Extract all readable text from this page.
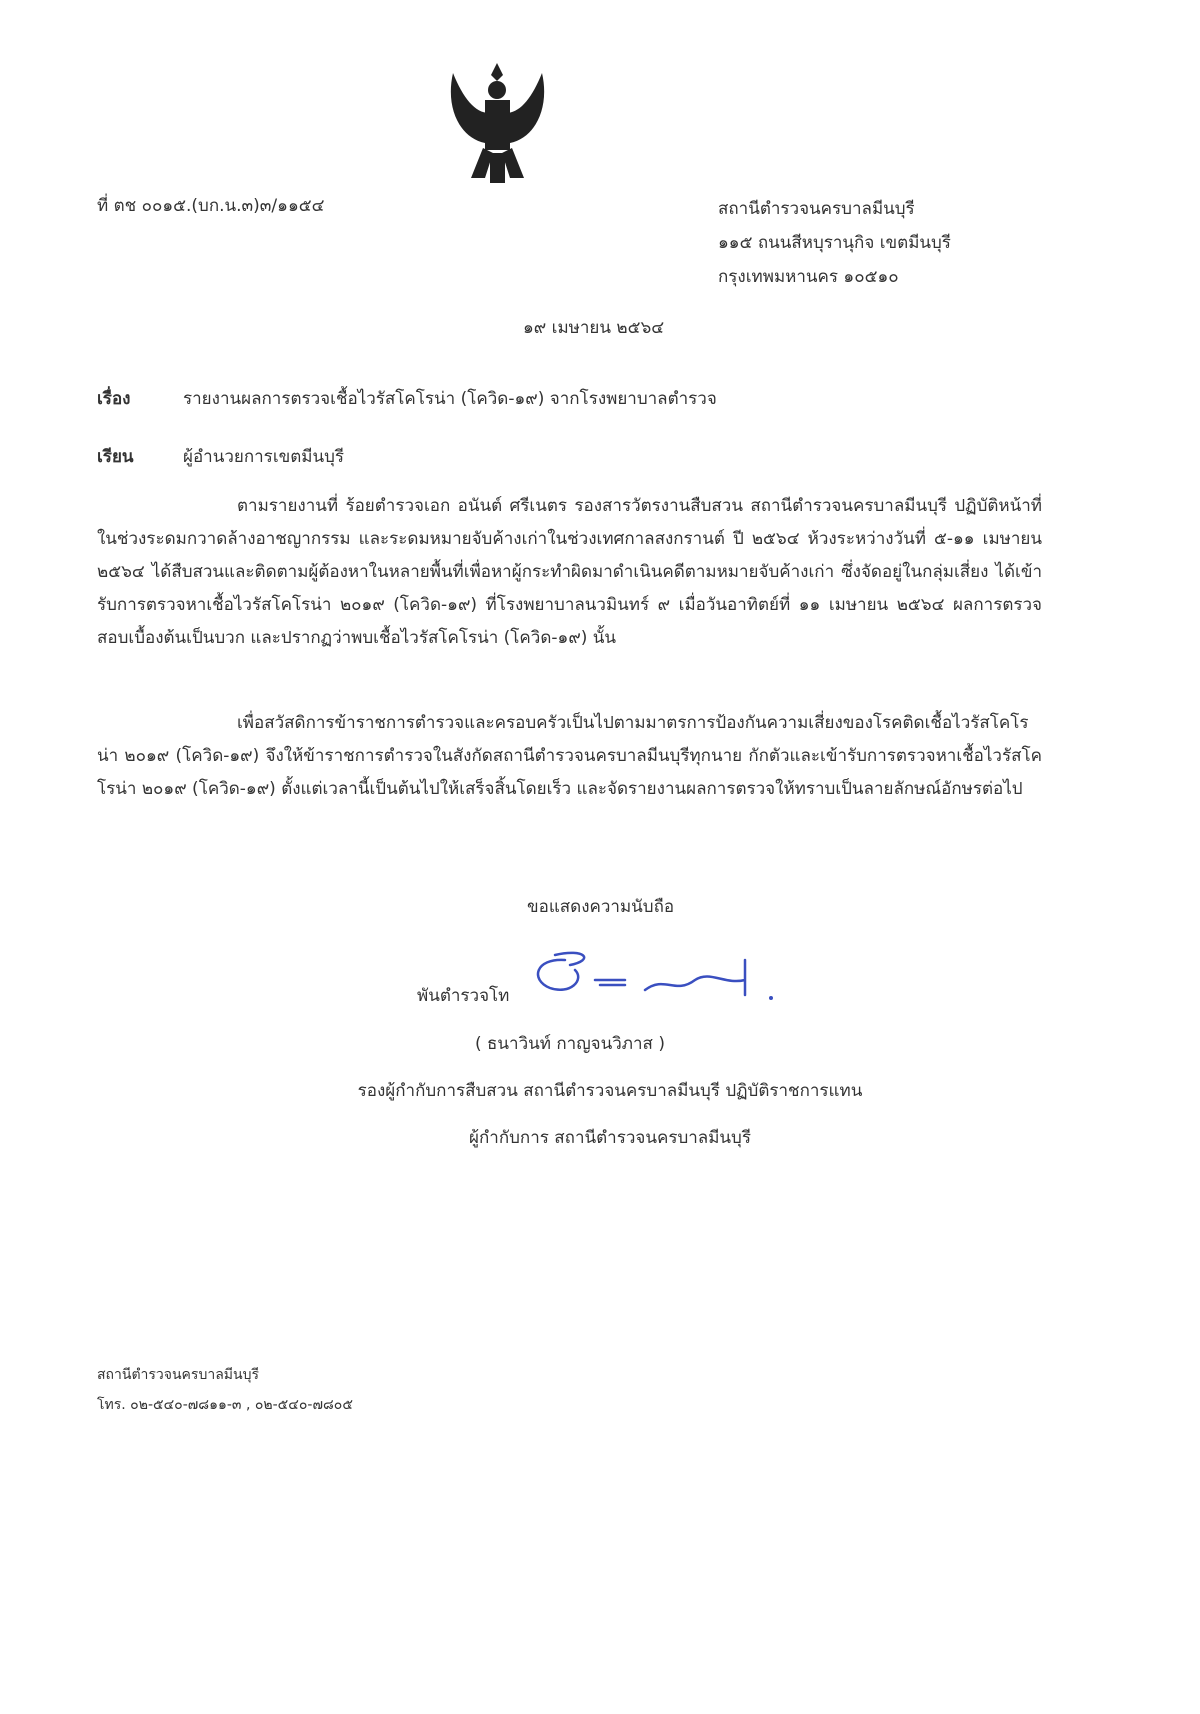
ที่ ตช ๐๐๑๕.(บก.น.๓)๓/๑๑๕๔	สถานีตำรวจนครบาลมีนบุรี
๑๑๕ ถนนสีหบุรานุกิจ เขตมีนบุรี
กรุงเทพมหานคร ๑๐๕๑๐
๑๙ เมษายน ๒๕๖๔
เรื่อง	รายงานผลการตรวจเชื้อไวรัสโคโรน่า (โควิด-๑๙) จากโรงพยาบาลตำรวจ
เรียน	ผู้อำนวยการเขตมีนบุรี
ตามรายงานที่ ร้อยตำรวจเอก อนันต์ ศรีเนตร รองสารวัตรงานสืบสวน สถานีตำรวจนครบาลมีนบุรี ปฏิบัติหน้าที่ในช่วงระดมกวาดล้างอาชญากรรม และระดมหมายจับค้างเก่าในช่วงเทศกาลสงกรานต์ ปี ๒๕๖๔ ห้วงระหว่างวันที่ ๕-๑๑ เมษายน ๒๕๖๔ ได้สืบสวนและติดตามผู้ต้องหาในหลายพื้นที่เพื่อหาผู้กระทำผิดมาดำเนินคดีตามหมายจับค้างเก่า ซึ่งจัดอยู่ในกลุ่มเสี่ยง ได้เข้ารับการตรวจหาเชื้อไวรัสโคโรน่า ๒๐๑๙ (โควิด-๑๙) ที่โรงพยาบาลนวมินทร์ ๙ เมื่อวันอาทิตย์ที่ ๑๑ เมษายน ๒๕๖๔ ผลการตรวจสอบเบื้องต้นเป็นบวก และปรากฏว่าพบเชื้อไวรัสโคโรน่า (โควิด-๑๙) นั้น
เพื่อสวัสดิการข้าราชการตำรวจและครอบครัวเป็นไปตามมาตรการป้องกันความเสี่ยงของโรคติดเชื้อไวรัสโคโรน่า ๒๐๑๙ (โควิด-๑๙) จึงให้ข้าราชการตำรวจในสังกัดสถานีตำรวจนครบาลมีนบุรีทุกนาย กักตัวและเข้ารับการตรวจหาเชื้อไวรัสโคโรน่า ๒๐๑๙ (โควิด-๑๙) ตั้งแต่เวลานี้เป็นต้นไปให้เสร็จสิ้นโดยเร็ว และจัดรายงานผลการตรวจให้ทราบเป็นลายลักษณ์อักษรต่อไป
ขอแสดงความนับถือ
พันตำรวจโท
( ธนาวินท์ กาญจนวิภาส )
รองผู้กำกับการสืบสวน สถานีตำรวจนครบาลมีนบุรี ปฏิบัติราชการแทน
ผู้กำกับการ สถานีตำรวจนครบาลมีนบุรี
สถานีตำรวจนครบาลมีนบุรี
โทร. ๐๒-๕๔๐-๗๘๑๑-๓ , ๐๒-๕๔๐-๗๘๐๕
